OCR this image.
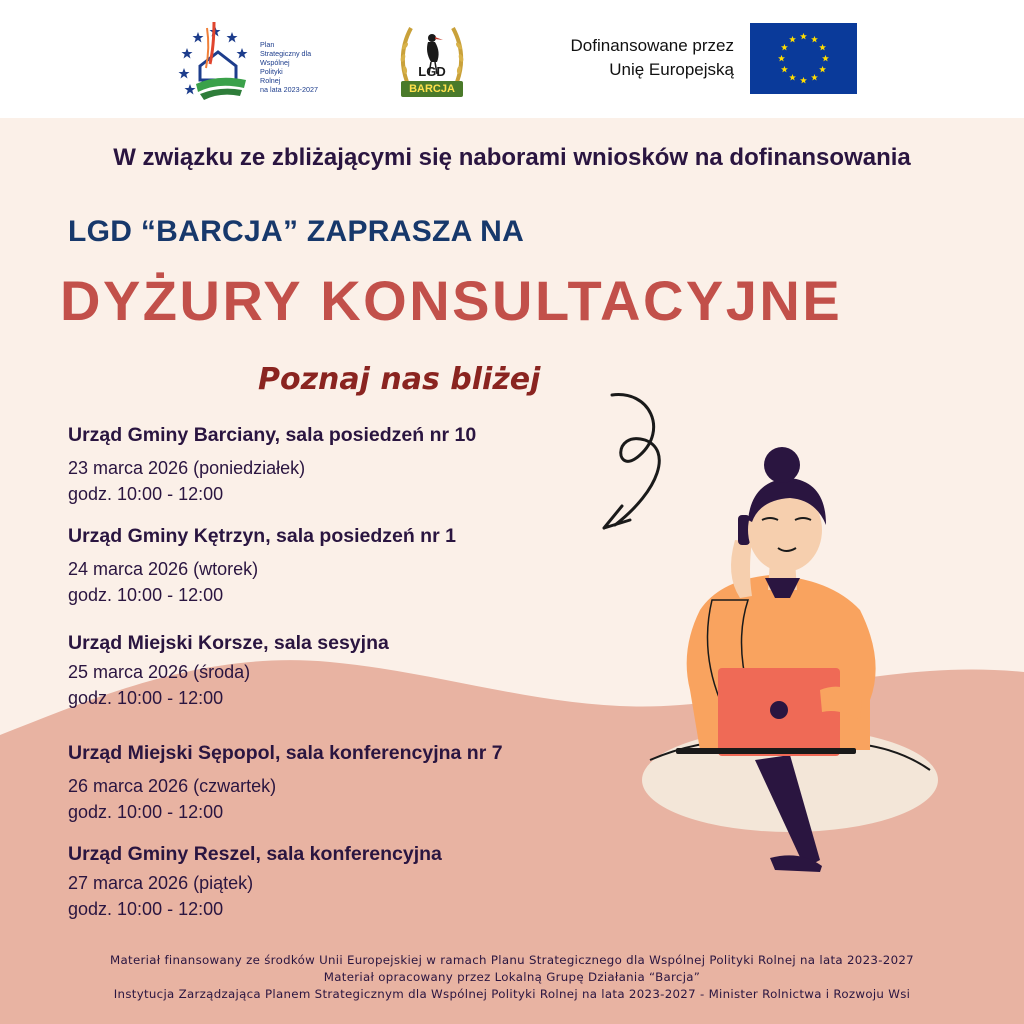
Plan
Strategiczny dla
Wspólnej
Polityki
Rolnej
na lata 2023-2027
LGD
BARCJA
Dofinansowane przez
Unię Europejską
W związku ze zbliżającymi się naborami wniosków na dofinansowania
LGD “BARCJA” ZAPRASZA NA
DYŻURY KONSULTACYJNE
Poznaj nas bliżej
Urząd Gminy Barciany, sala posiedzeń nr 10
23 marca 2026 (poniedziałek)
godz. 10:00 - 12:00
Urząd Gminy Kętrzyn, sala posiedzeń nr 1
24 marca 2026 (wtorek)
godz. 10:00 - 12:00
Urząd Miejski Korsze, sala sesyjna
25 marca 2026 (środa)
godz. 10:00 - 12:00
Urząd Miejski Sępopol, sala konferencyjna nr 7
26 marca 2026 (czwartek)
godz. 10:00 - 12:00
Urząd Gminy Reszel, sala konferencyjna
27 marca 2026 (piątek)
godz. 10:00 - 12:00
Materiał finansowany ze środków Unii Europejskiej w ramach Planu Strategicznego dla Wspólnej Polityki Rolnej na lata 2023-2027
Materiał opracowany przez Lokalną Grupę Działania “Barcja”
Instytucja Zarządzająca Planem Strategicznym dla Wspólnej Polityki Rolnej na lata 2023-2027 - Minister Rolnictwa i Rozwoju Wsi
